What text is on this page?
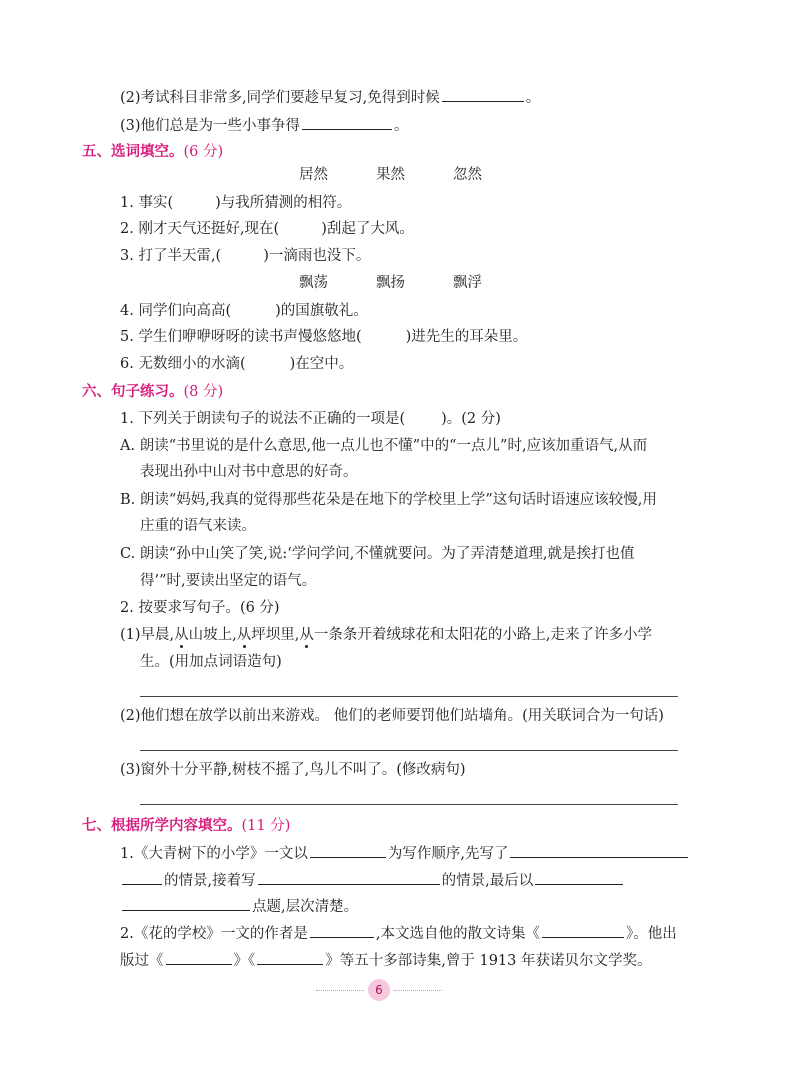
(2)考试科目非常多,同学们要趁早复习,免得到时候	。
(3)他们总是为一些小事争得	。
五、选词填空。(6 分)
居然	果然	忽然
1. 事实(	)与我所猜测的相符。
2. 刚才天气还挺好,现在(	)刮起了大风。
3. 打了半天雷,(	)一滴雨也没下。
飘荡	飘扬	飘浮
4. 同学们向高高(	)的国旗敬礼。
5. 学生们咿咿呀呀的读书声慢悠悠地(	)进先生的耳朵里。
6. 无数细小的水滴(	)在空中。
六、句子练习。(8 分)
1. 下列关于朗读句子的说法不正确的一项是( )。(2 分)
A. 朗读“书里说的是什么意思,他一点儿也不懂”中的“一点儿”时,应该加重语气,从而
表现出孙中山对书中意思的好奇。
B. 朗读“妈妈,我真的觉得那些花朵是在地下的学校里上学”这句话时语速应该较慢,用
庄重的语气来读。
C. 朗读“孙中山笑了笑,说:‘学问学问,不懂就要问。为了弄清楚道理,就是挨打也值
得’”时,要读出坚定的语气。
2. 按要求写句子。(6 分)
(1)早晨,从山坡上,从坪坝里,从一条条开着绒球花和太阳花的小路上,走来了许多小学
生。(用加点词语造句)
(2)他们想在放学以前出来游戏。 他们的老师要罚他们站墙角。(用关联词合为一句话)
(3)窗外十分平静,树枝不摇了,鸟儿不叫了。(修改病句)
七、根据所学内容填空。(11 分)
1.《大青树下的小学》一文以	为写作顺序,先写了
的情景,接着写	的情景,最后以
点题,层次清楚。
2.《花的学校》一文的作者是	,本文选自他的散文诗集《	》。他出
版过《	》《	》等五十多部诗集,曾于 1913 年获诺贝尔文学奖。
6
